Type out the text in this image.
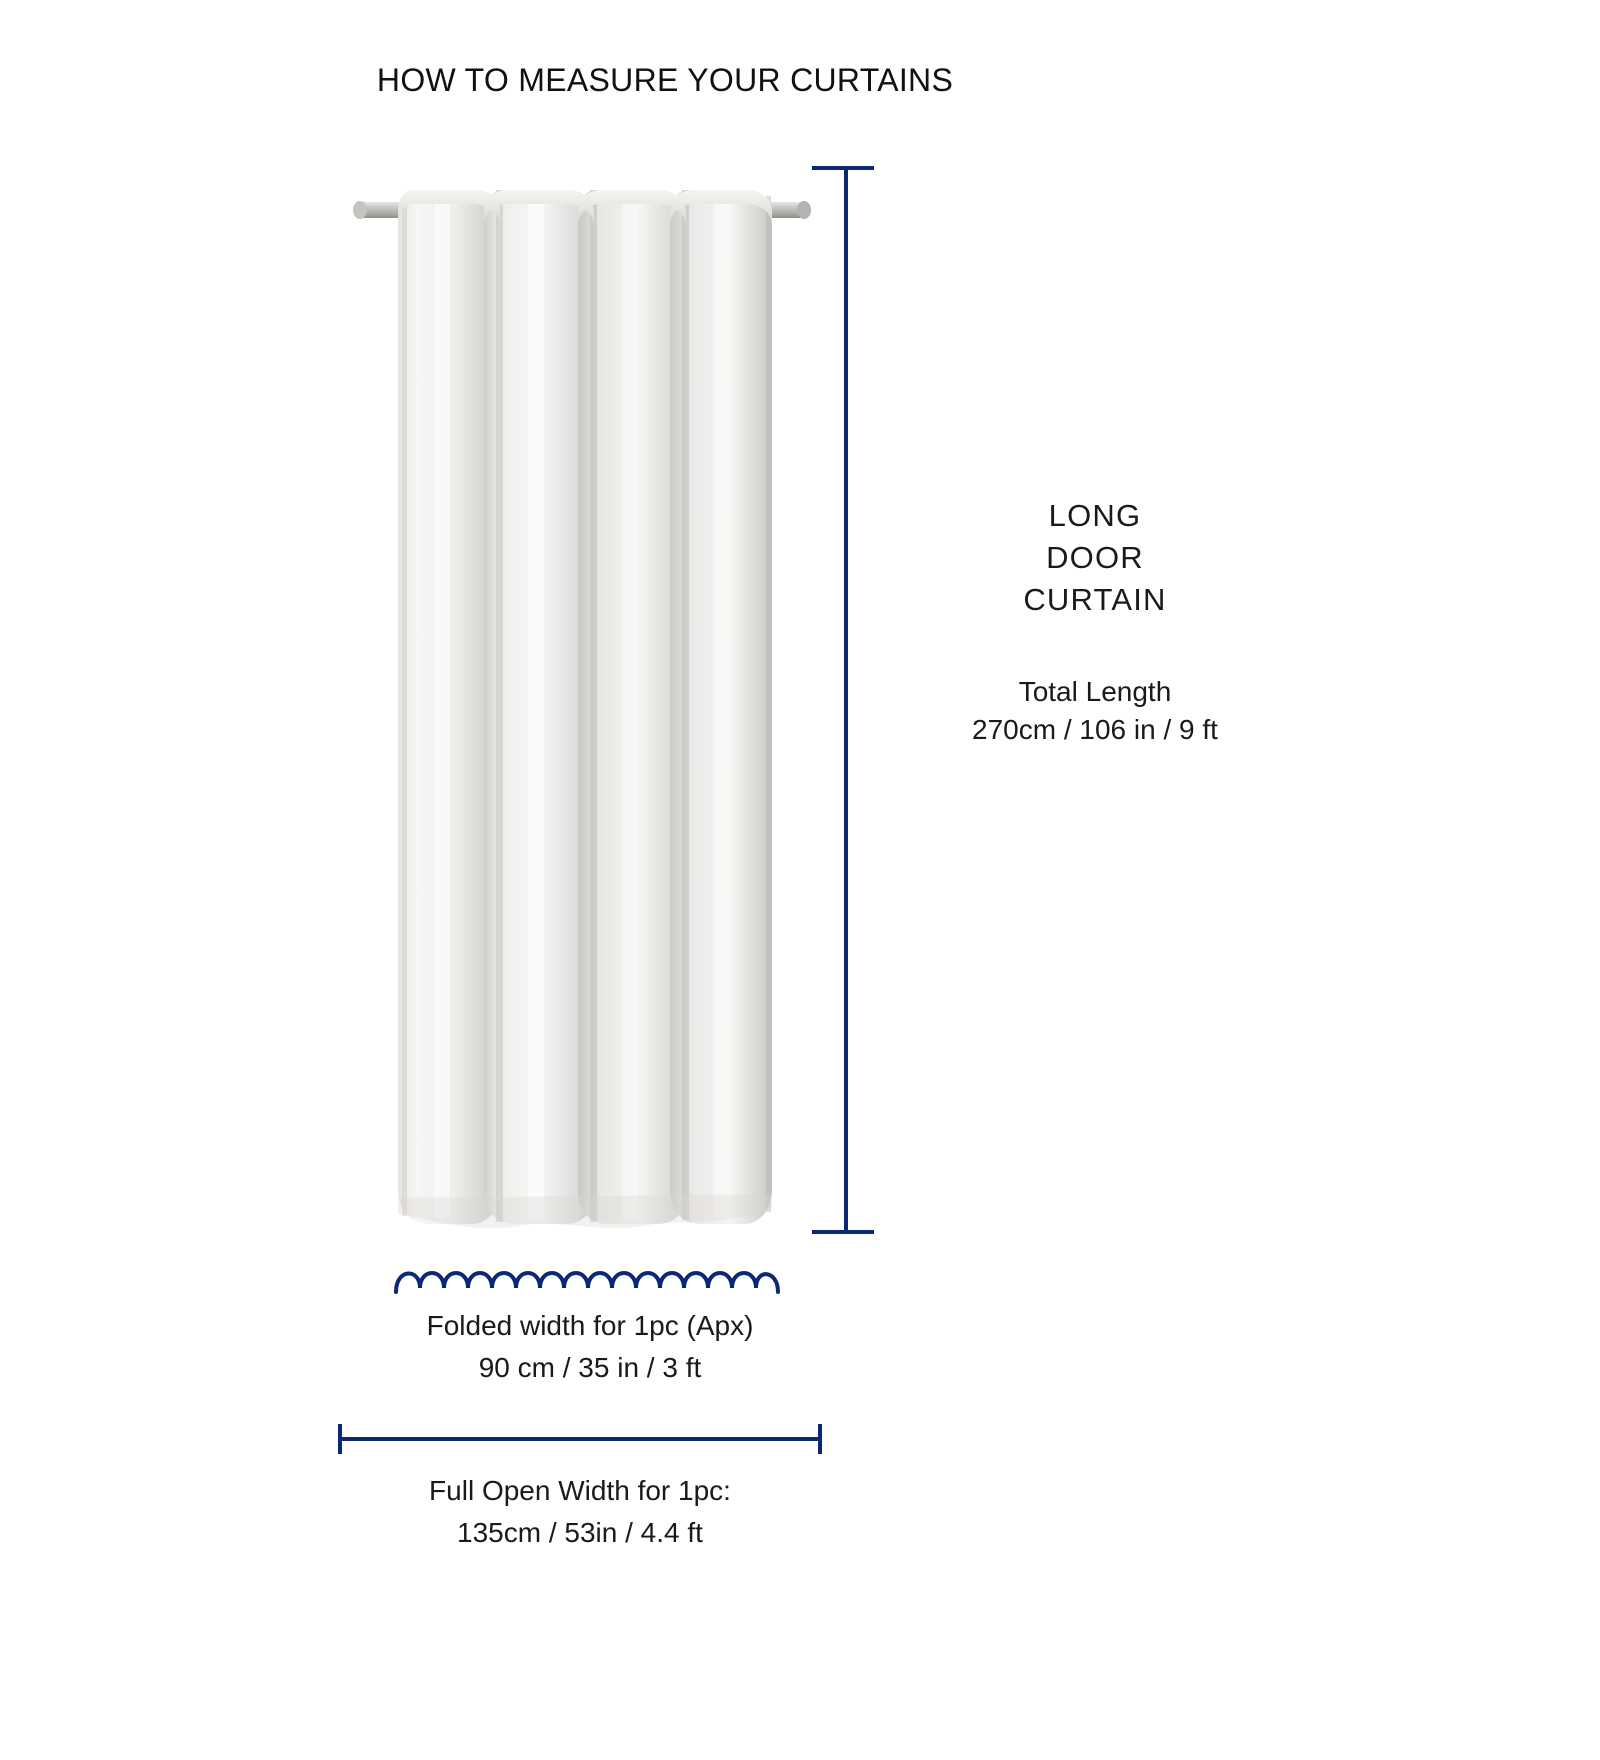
HOW TO MEASURE YOUR CURTAINS
LONG
DOOR
CURTAIN
Total Length
270cm / 106 in / 9 ft
Folded width for 1pc (Apx)
90 cm / 35 in / 3 ft
Full Open Width for 1pc:
135cm / 53in / 4.4 ft
